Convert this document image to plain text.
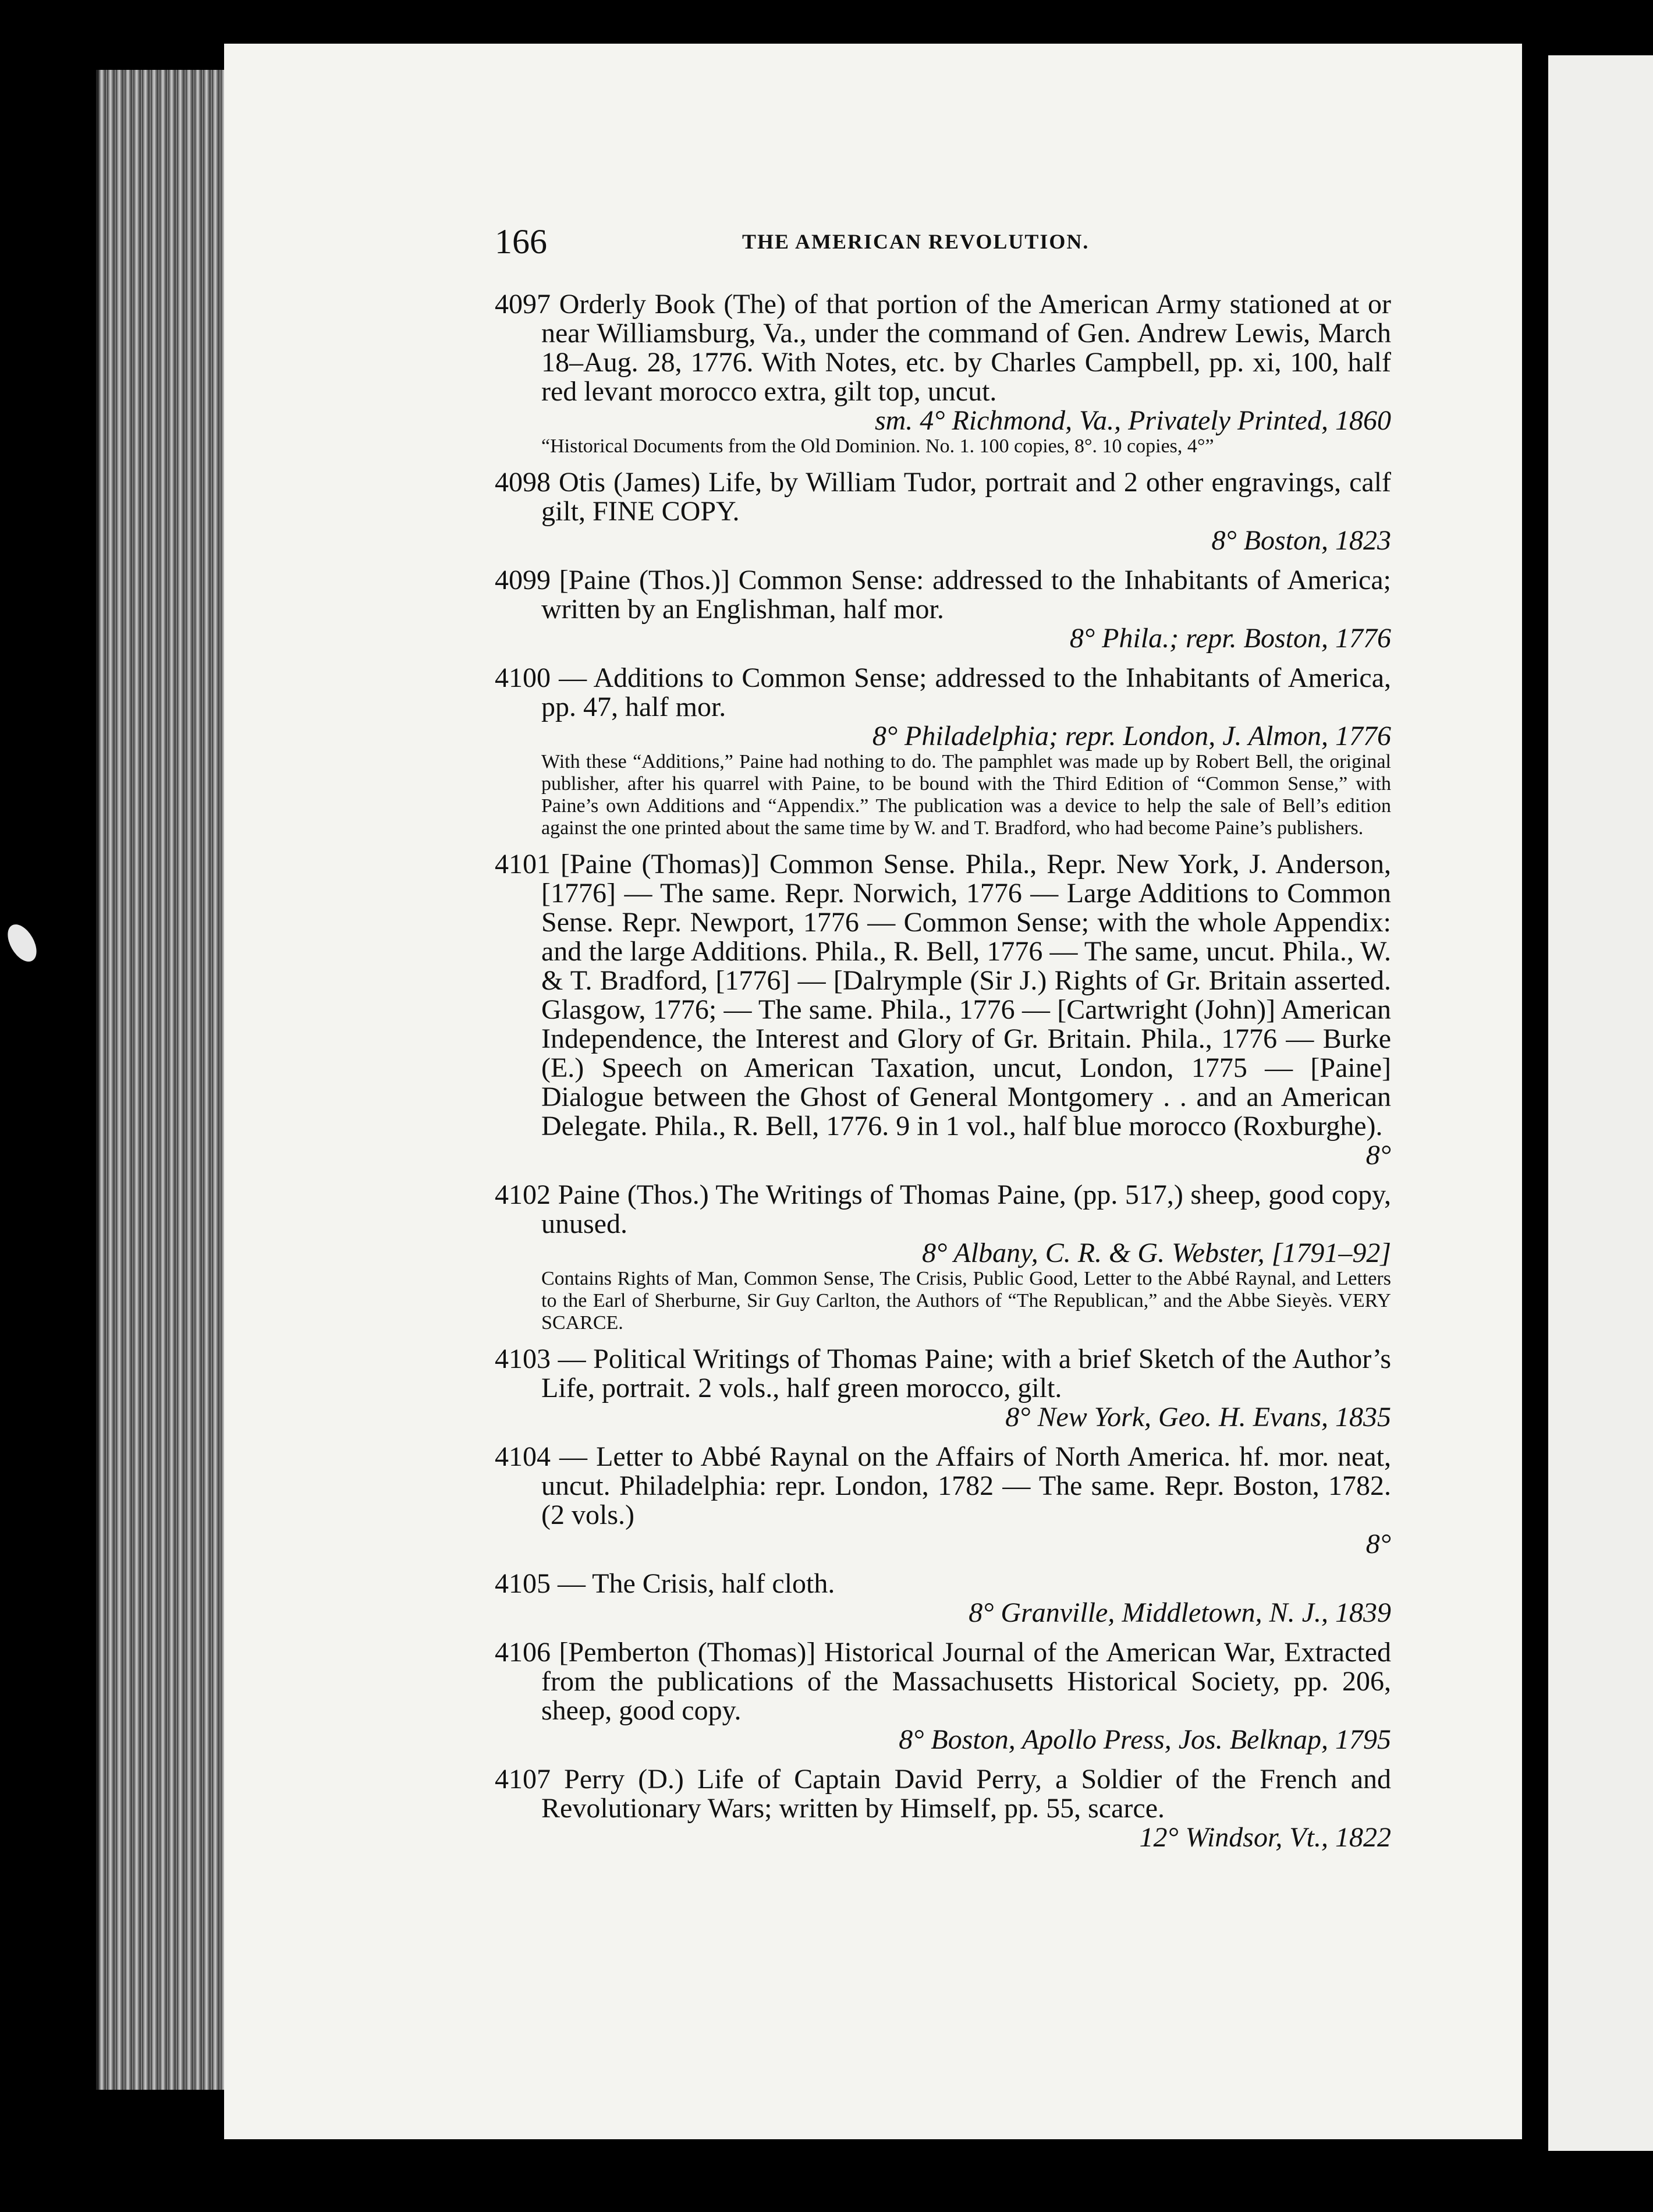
166	THE AMERICAN REVOLUTION.
4097 Orderly Book (The) of that portion of the American Army stationed at or near Williamsburg, Va., under the command of Gen. Andrew Lewis, March 18–Aug. 28, 1776. With Notes, etc. by Charles Campbell, pp. xi, 100, half red levant morocco extra, gilt top, uncut.
sm. 4° Richmond, Va., Privately Printed, 1860
“Historical Documents from the Old Dominion. No. 1. 100 copies, 8°. 10 copies, 4°”
4098 Otis (James) Life, by William Tudor, portrait and 2 other engravings, calf gilt, FINE COPY.
8° Boston, 1823
4099 [Paine (Thos.)] Common Sense: addressed to the Inhabitants of America; written by an Englishman, half mor.
8° Phila.; repr. Boston, 1776
4100 — Additions to Common Sense; addressed to the Inhabitants of America, pp. 47, half mor.
8° Philadelphia; repr. London, J. Almon, 1776
With these “Additions,” Paine had nothing to do. The pamphlet was made up by Robert Bell, the original publisher, after his quarrel with Paine, to be bound with the Third Edition of “Common Sense,” with Paine’s own Additions and “Appendix.” The publication was a device to help the sale of Bell’s edition against the one printed about the same time by W. and T. Bradford, who had become Paine’s publishers.
4101 [Paine (Thomas)] Common Sense. Phila., Repr. New York, J. Anderson, [1776] — The same. Repr. Norwich, 1776 — Large Additions to Common Sense. Repr. Newport, 1776 — Common Sense; with the whole Appendix: and the large Additions. Phila., R. Bell, 1776 — The same, uncut. Phila., W. & T. Bradford, [1776] — [Dalrymple (Sir J.) Rights of Gr. Britain asserted. Glasgow, 1776; — The same. Phila., 1776 — [Cartwright (John)] American Independence, the Interest and Glory of Gr. Britain. Phila., 1776 — Burke (E.) Speech on American Taxation, uncut, London, 1775 — [Paine] Dialogue between the Ghost of General Montgomery . . and an American Delegate. Phila., R. Bell, 1776. 9 in 1 vol., half blue morocco (Roxburghe).
8°
4102 Paine (Thos.) The Writings of Thomas Paine, (pp. 517,) sheep, good copy, unused.
8° Albany, C. R. & G. Webster, [1791–92]
Contains Rights of Man, Common Sense, The Crisis, Public Good, Letter to the Abbé Raynal, and Letters to the Earl of Sherburne, Sir Guy Carlton, the Authors of “The Republican,” and the Abbe Sieyès. VERY SCARCE.
4103 — Political Writings of Thomas Paine; with a brief Sketch of the Author’s Life, portrait. 2 vols., half green morocco, gilt.
8° New York, Geo. H. Evans, 1835
4104 — Letter to Abbé Raynal on the Affairs of North America. hf. mor. neat, uncut. Philadelphia: repr. London, 1782 — The same. Repr. Boston, 1782. (2 vols.)
8°
4105 — The Crisis, half cloth.
8° Granville, Middletown, N. J., 1839
4106 [Pemberton (Thomas)] Historical Journal of the American War, Extracted from the publications of the Massachusetts Historical Society, pp. 206, sheep, good copy.
8° Boston, Apollo Press, Jos. Belknap, 1795
4107 Perry (D.) Life of Captain David Perry, a Soldier of the French and Revolutionary Wars; written by Himself, pp. 55, scarce.
12° Windsor, Vt., 1822
